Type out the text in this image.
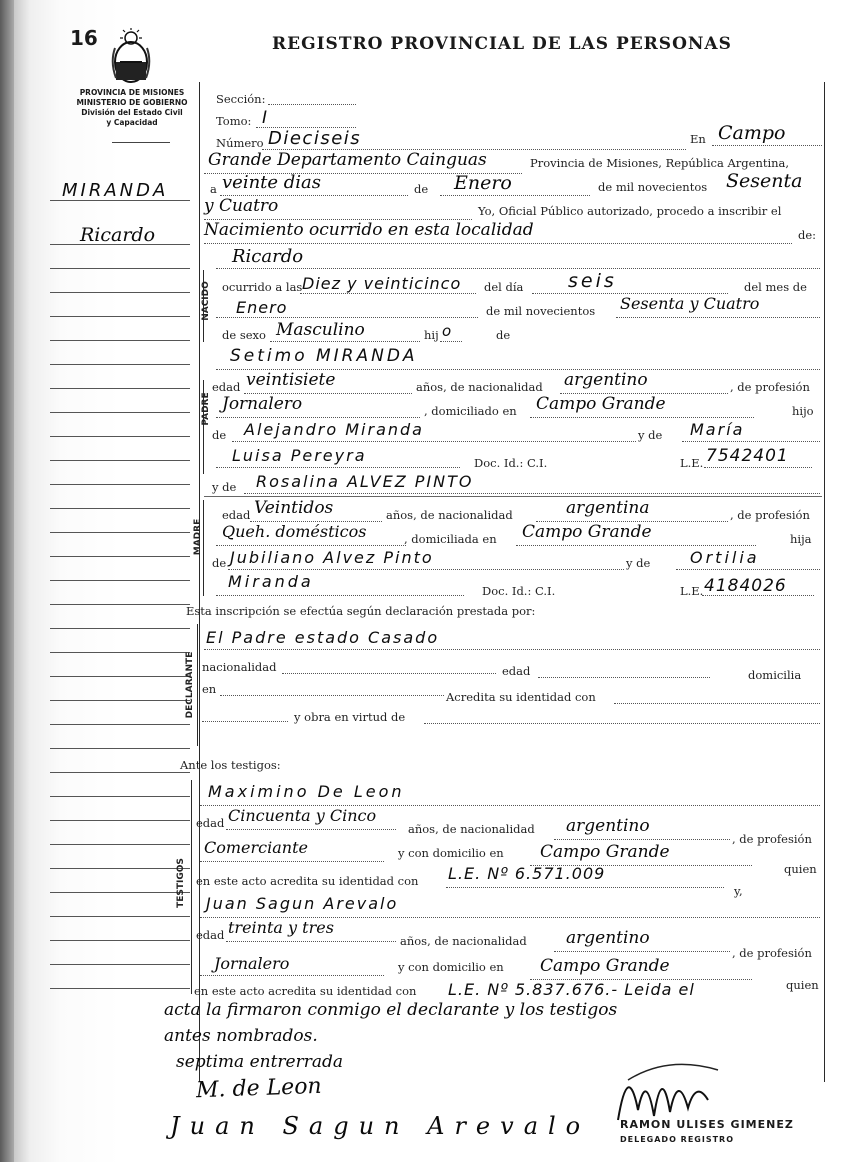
16	REGISTRO PROVINCIAL DE LAS PERSONAS
PROVINCIA DE MISIONES
MINISTERIO DE GOBIERNO
División del Estado Civil
y Capacidad
MIRANDA
Ricardo
Sección:
Tomo: I
Número Dieciseis	En Campo
Grande Departamento Cainguas	Provincia de Misiones, República Argentina,
a veinte dias	de Enero	de mil novecientos Sesenta
y Cuatro	Yo, Oficial Público autorizado, procedo a inscribir el
Nacimiento ocurrido en esta localidad	de:
NACIDO
Ricardo
ocurrido a las Diez y veinticinco del día seis	del mes de
Enero	de mil novecientos Sesenta y Cuatro
de sexo Masculino	hij o	de
PADRE
Setimo MIRANDA
edad veintisiete	años, de nacionalidad argentino	, de profesión
Jornalero	, domiciliado en Campo Grande	hijo
de Alejandro Miranda	y de María
Luisa Pereyra	Doc. Id.: C.I.	L.E. 7542401
MADRE
y de Rosalina ALVEZ PINTO
edad Veintidos	años, de nacionalidad	argentina	, de profesión
Queh. domésticos	, domiciliada en Campo Grande	hija
de Jubiliano Alvez Pinto	y de Ortilia
Miranda	Doc. Id.: C.I.	L.E. 4184026
Esta inscripción se efectúa según declaración prestada por:
DECLARANTE
El Padre estado Casado
nacionalidad	edad	domicilia
en
Acredita su identidad con
y obra en virtud de
Ante los testigos:
TESTIGOS
Maximino De Leon
edad Cincuenta y Cinco
años, de nacionalidad argentino
, de profesión
Comerciante	y con domicilio en Campo Grande
quien
en este acto acredita su identidad con L.E. Nº 6.571.009
y,
Juan Sagun Arevalo
edad treinta y tres
años, de nacionalidad argentino
, de profesión
Jornalero	y con domicilio en Campo Grande
quien
en este acto acredita su identidad con L.E. Nº 5.837.676.- Leida el
acta la firmaron conmigo el declarante y los testigos
antes nombrados.
septima entrerrada
M. de Leon
Juan Sagun Arevalo	RAMON ULISES GIMENEZ
DELEGADO REGISTRO
